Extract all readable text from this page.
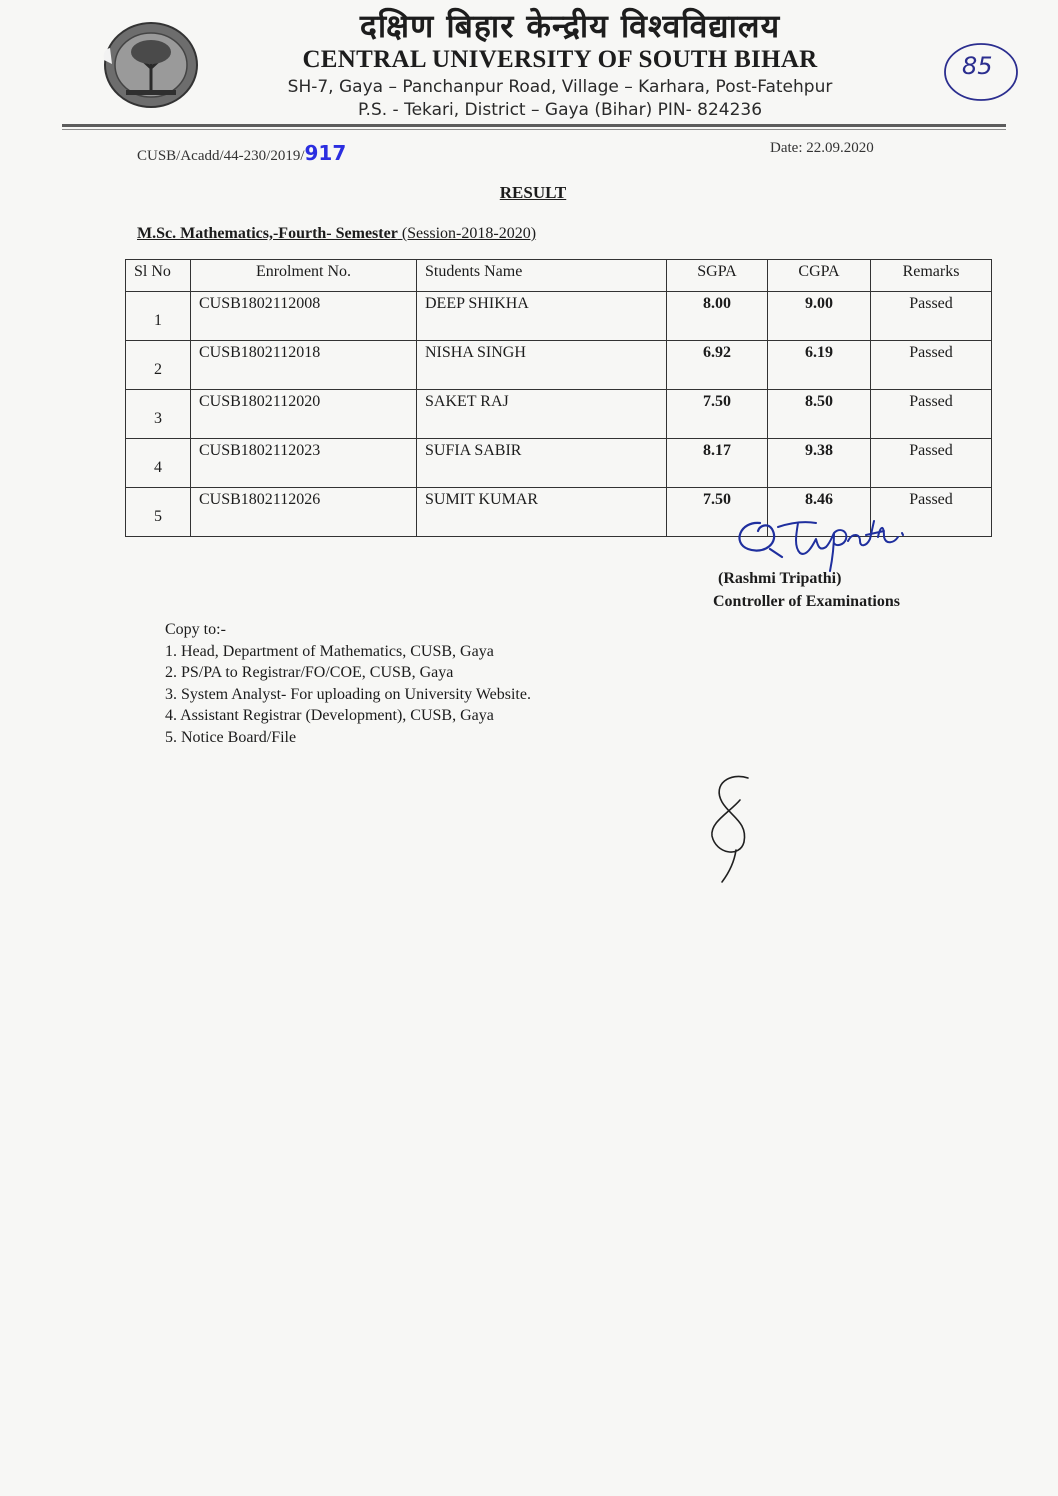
दक्षिण बिहार केन्द्रीय विश्वविद्यालय
CENTRAL UNIVERSITY OF SOUTH BIHAR
SH-7, Gaya – Panchanpur Road, Village – Karhara, Post-Fatehpur
P.S. - Tekari, District – Gaya (Bihar) PIN- 824236
85
CUSB/Acadd/44-230/2019/917	Date: 22.09.2020
RESULT
M.Sc. Mathematics,-Fourth- Semester (Session-2018-2020)
Sl No	Enrolment No.	Students Name	SGPA	CGPA	Remarks
1	CUSB1802112008	DEEP SHIKHA	8.00	9.00	Passed
2	CUSB1802112018	NISHA SINGH	6.92	6.19	Passed
3	CUSB1802112020	SAKET RAJ	7.50	8.50	Passed
4	CUSB1802112023	SUFIA SABIR	8.17	9.38	Passed
5	CUSB1802112026	SUMIT KUMAR	7.50	8.46	Passed
(Rashmi Tripathi)
Controller of Examinations
Copy to:-
1. Head, Department of Mathematics, CUSB, Gaya
2. PS/PA to Registrar/FO/COE, CUSB, Gaya
3. System Analyst- For uploading on University Website.
4. Assistant Registrar (Development), CUSB, Gaya
5. Notice Board/File
